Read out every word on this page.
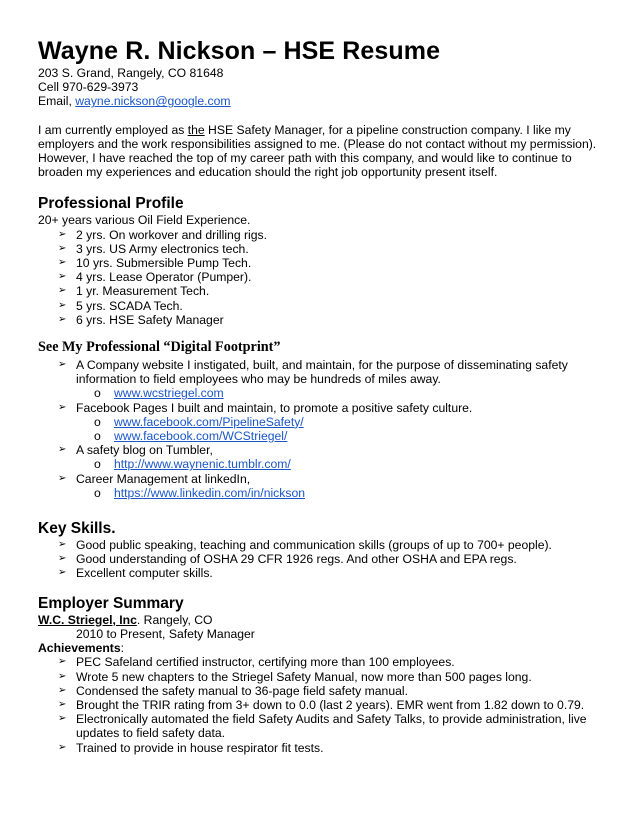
Wayne R. Nickson – HSE Resume
203 S. Grand, Rangely, CO 81648
Cell 970-629-3973
Email, wayne.nickson@google.com
I am currently employed as the HSE Safety Manager, for a pipeline construction company. I like my employers and the work responsibilities assigned to me. (Please do not contact without my permission). However, I have reached the top of my career path with this company, and would like to continue to broaden my experiences and education should the right job opportunity present itself.
Professional Profile
20+ years various Oil Field Experience.
➢ 2 yrs. On workover and drilling rigs.
➢ 3 yrs. US Army electronics tech.
➢ 10 yrs. Submersible Pump Tech.
➢ 4 yrs. Lease Operator (Pumper).
➢ 1 yr. Measurement Tech.
➢ 5 yrs. SCADA Tech.
➢ 6 yrs. HSE Safety Manager
See My Professional “Digital Footprint”
➢ A Company website I instigated, built, and maintain, for the purpose of disseminating safety information to field employees who may be hundreds of miles away.
o www.wcstriegel.com
➢ Facebook Pages I built and maintain, to promote a positive safety culture.
o www.facebook.com/PipelineSafety/
o www.facebook.com/WCStriegel/
➢ A safety blog on Tumbler,
o http://www.waynenic.tumblr.com/
➢ Career Management at linkedIn,
o https://www.linkedin.com/in/nickson
Key Skills.
➢ Good public speaking, teaching and communication skills (groups of up to 700+ people).
➢ Good understanding of OSHA 29 CFR 1926 regs. And other OSHA and EPA regs.
➢ Excellent computer skills.
Employer Summary
W.C. Striegel, Inc. Rangely, CO
2010 to Present, Safety Manager
Achievements:
➢ PEC Safeland certified instructor, certifying more than 100 employees.
➢ Wrote 5 new chapters to the Striegel Safety Manual, now more than 500 pages long.
➢ Condensed the safety manual to 36-page field safety manual.
➢ Brought the TRIR rating from 3+ down to 0.0 (last 2 years). EMR went from 1.82 down to 0.79.
➢ Electronically automated the field Safety Audits and Safety Talks, to provide administration, live updates to field safety data.
➢ Trained to provide in house respirator fit tests.
